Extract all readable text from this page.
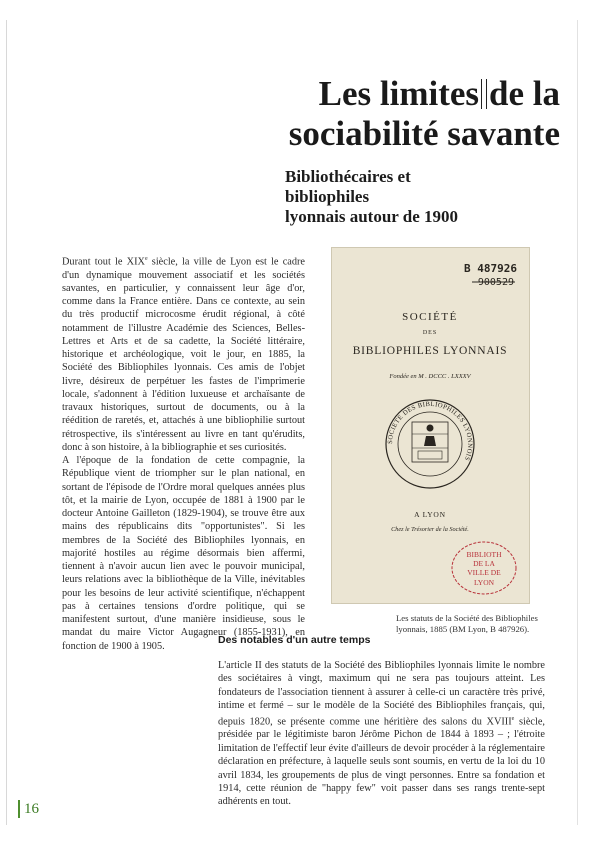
Les limites de la
sociabilité savante
Bibliothécaires et bibliophiles
lyonnais autour de 1900

Durant tout le XIXe siècle, la ville de Lyon est le cadre d'un dynamique mouvement associatif et les sociétés savantes, en particulier, y connaissent leur âge d'or, comme dans la France entière. Dans ce contexte, au sein du très productif microcosme érudit régional, à côté notamment de l'illustre Académie des Sciences, Belles-Lettres et Arts et de sa cadette, la Société littéraire, historique et archéologique, voit le jour, en 1885, la Société des Bibliophiles lyonnais. Ces amis de l'objet livre, désireux de perpétuer les fastes de l'imprimerie locale, s'adonnent à l'édition luxueuse et archaïsante de travaux historiques, surtout de documents, ou à la réédition de raretés, et, attachés à une bibliophilie surtout rétrospective, ils s'intéressent au livre en tant qu'érudits, donc à son histoire, à la bibliographie et ses curiosités.

A l'époque de la fondation de cette compagnie, la République vient de triompher sur le plan national, en sortant de l'épisode de l'Ordre moral quelques années plus tôt, et la mairie de Lyon, occupée de 1881 à 1900 par le docteur Antoine Gailleton (1829-1904), se trouve être aux mains des républicains dits "opportunistes". Si les membres de la Société des Bibliophiles lyonnais, en majorité hostiles au régime désormais bien affermi, tiennent à n'avoir aucun lien avec le pouvoir municipal, leurs relations avec la bibliothèque de la Ville, inévitables pour les besoins de leur activité scientifique, n'échappent pas à certaines tensions d'ordre politique, qui se manifestent surtout, d'une manière insidieuse, sous le mandat du maire Victor Augagneur (1855-1931), en fonction de 1900 à 1905.

B 487926
900529
SOCIÉTÉ
DES
BIBLIOPHILES LYONNAIS
Fondée en M . DCCC . LXXXV
SOCIETE DES BIBLIOPHILES LYONNOIS
A LYON
Chez le Trésorier de la Société.
BIBLIOTH
DE LA
VILLE DE
LYON
Les statuts de la Société des Bibliophiles lyonnais, 1885 (BM Lyon, B 487926).
Des notables d'un autre temps
L'article II des statuts de la Société des Bibliophiles lyonnais limite le nombre des sociétaires à vingt, maximum qui ne sera pas toujours atteint. Les fondateurs de l'association tiennent à assurer à celle-ci un caractère très privé, intime et fermé – sur le modèle de la Société des Bibliophiles français, qui, depuis 1820, se présente comme une héritière des salons du XVIIIe siècle, présidée par le légitimiste baron Jérôme Pichon de 1844 à 1893 – ; l'étroite limitation de l'effectif leur évite d'ailleurs de devoir procéder à la réglementaire déclaration en préfecture, à laquelle seuls sont soumis, en vertu de la loi du 10 avril 1834, les groupements de plus de vingt personnes. Entre sa fondation et 1914, cette réunion de "happy few" voit passer dans ses rangs trente-sept adhérents en tout.
16
